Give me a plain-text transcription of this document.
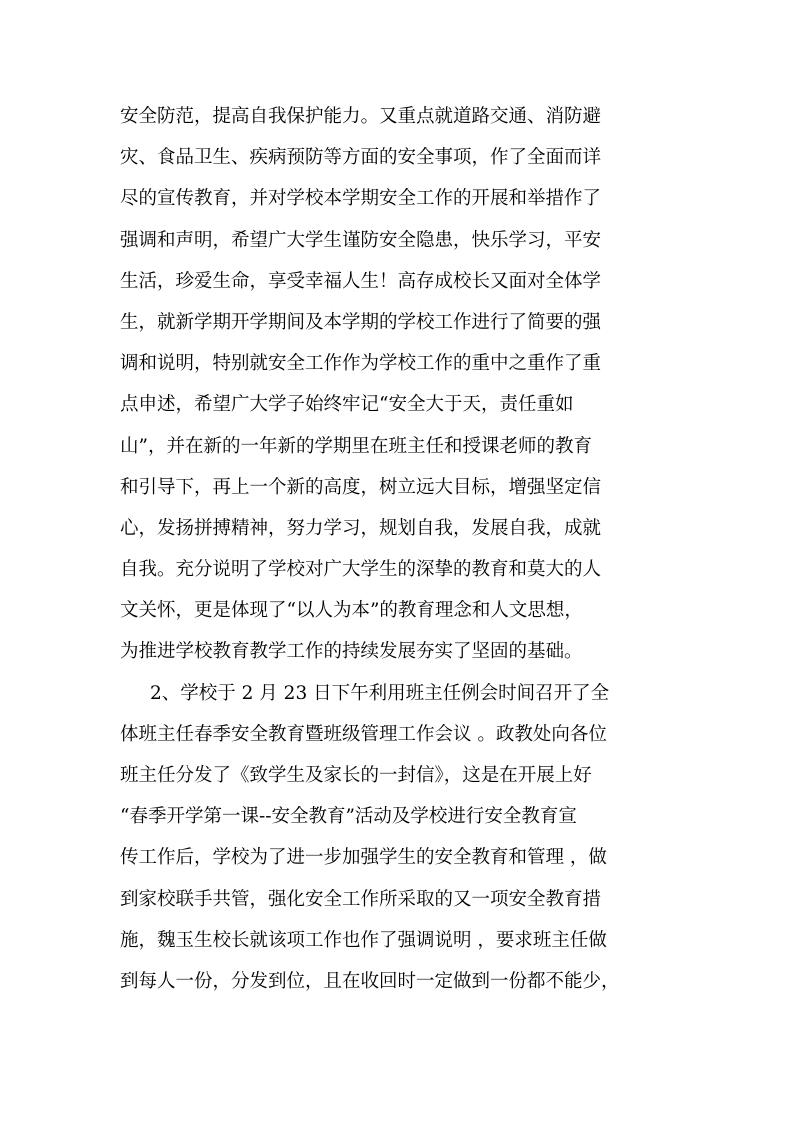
安全防范，提高自我保护能力。又重点就道路交通、消防避
灾、食品卫生、疾病预防等方面的安全事项，作了全面而详
尽的宣传教育，并对学校本学期安全工作的开展和举措作了
强调和声明，希望广大学生谨防安全隐患，快乐学习，平安
生活，珍爱生命，享受幸福人生！高存成校长又面对全体学
生，就新学期开学期间及本学期的学校工作进行了简要的强
调和说明，特别就安全工作作为学校工作的重中之重作了重
点申述，希望广大学子始终牢记“安全大于天，责任重如
山”，并在新的一年新的学期里在班主任和授课老师的教育
和引导下，再上一个新的高度，树立远大目标，增强坚定信
心，发扬拼搏精神，努力学习，规划自我，发展自我，成就
自我。充分说明了学校对广大学生的深挚的教育和莫大的人
文关怀，更是体现了“以人为本”的教育理念和人文思想，
为推进学校教育教学工作的持续发展夯实了坚固的基础。
2、学校于 2 月 23 日下午利用班主任例会时间召开了全
体班主任春季安全教育暨班级管理工作会议 。政教处向各位
班主任分发了《致学生及家长的一封信》，这是在开展上好
“春季开学第一课--安全教育”活动及学校进行安全教育宣
传工作后，学校为了进一步加强学生的安全教育和管理 ，做
到家校联手共管，强化安全工作所采取的又一项安全教育措
施，魏玉生校长就该项工作也作了强调说明 ，要求班主任做
到每人一份，分发到位，且在收回时一定做到一份都不能少，
